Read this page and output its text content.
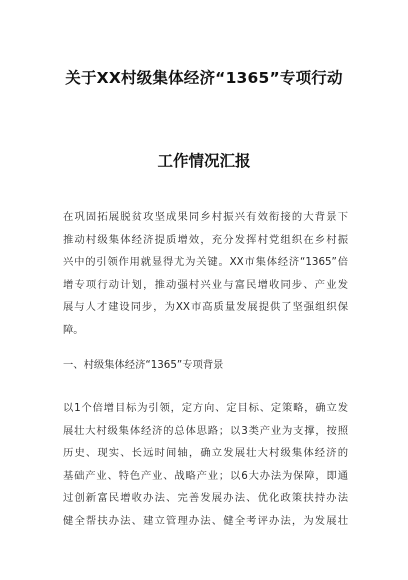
关于XX村级集体经济“1365”专项行动
工作情况汇报
在巩固拓展脱贫攻坚成果同乡村振兴有效衔接的大背景下
推动村级集体经济提质增效，充分发挥村党组织在乡村振
兴中的引领作用就显得尤为关键。XX市集体经济“1365”倍
增专项行动计划，推动强村兴业与富民增收同步、产业发
展与人才建设同步，为XX市高质量发展提供了坚强组织保
障。
一、村级集体经济“1365”专项背景
以1个倍增目标为引领，定方向、定目标、定策略，确立发
展壮大村级集体经济的总体思路；以3类产业为支撑，按照
历史、现实、长远时间轴，确立发展壮大村级集体经济的
基础产业、特色产业、战略产业；以6大办法为保障，即通
过创新富民增收办法、完善发展办法、优化政策扶持办法
健全帮扶办法、建立管理办法、健全考评办法，为发展壮
